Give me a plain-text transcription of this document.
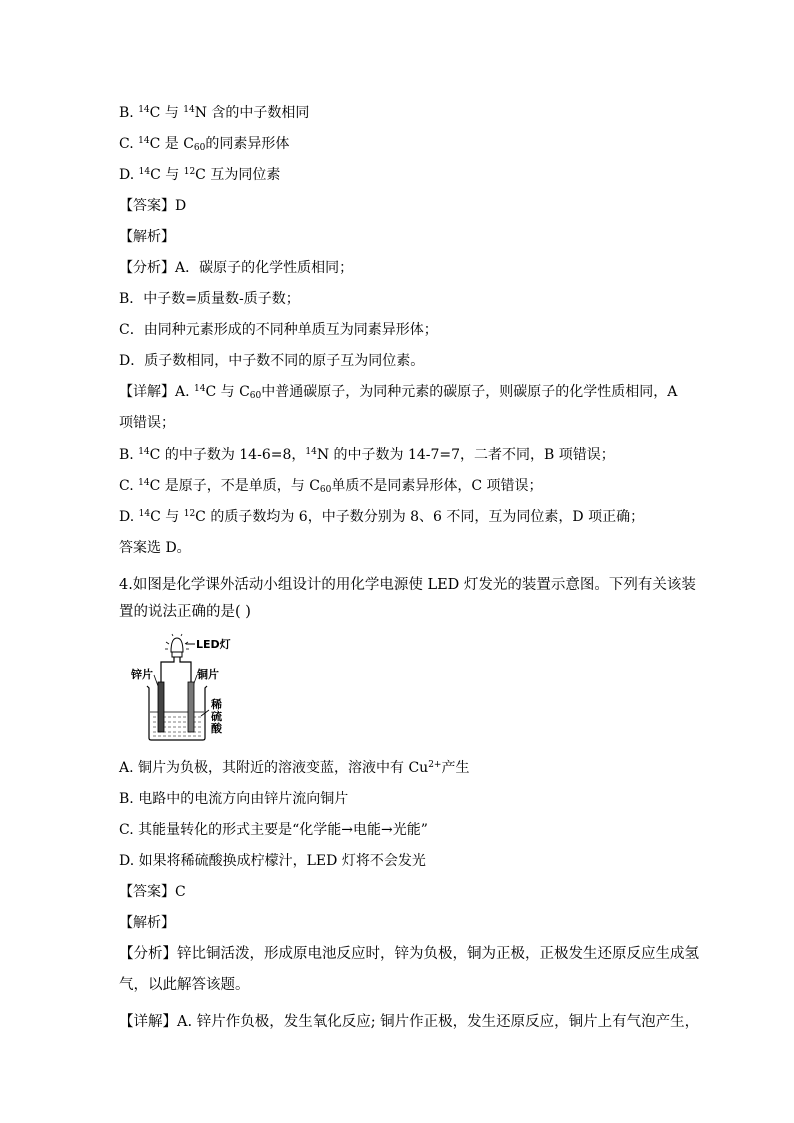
B. $^{14}$C 与 $^{14}$N 含的中子数相同
C. $^{14}$C 是 $C_{60}$的同素异形体
D. $^{14}$C 与 $^{12}$C 互为同位素
【答案】D
【解析】
【分析】A．碳原子的化学性质相同；
B．中子数=质量数-质子数；
C．由同种元素形成的不同种单质互为同素异形体；
D．质子数相同，中子数不同的原子互为同位素。
【详解】A. $^{14}$C 与 $C_{60}$中普通碳原子，为同种元素的碳原子，则碳原子的化学性质相同，A
项错误；
B. $^{14}$C 的中子数为 14-6=8，$^{14}$N 的中子数为 14-7=7，二者不同，B 项错误；
C. $^{14}$C 是原子，不是单质，与 $C_{60}$单质不是同素异形体，C 项错误；
D. $^{14}$C 与 $^{12}$C 的质子数均为 6，中子数分别为 8、6 不同，互为同位素，D 项正确；
答案选 D。
4.如图是化学课外活动小组设计的用化学电源使 LED 灯发光的装置示意图。下列有关该装
置的说法正确的是( )
LED灯
锌片	铜片
稀
硫
酸
A. 铜片为负极，其附近的溶液变蓝，溶液中有 $Cu^{2+}$产生
B. 电路中的电流方向由锌片流向铜片
C. 其能量转化的形式主要是“化学能→电能→光能”
D. 如果将稀硫酸换成柠檬汁，LED 灯将不会发光
【答案】C
【解析】
【分析】锌比铜活泼，形成原电池反应时，锌为负极，铜为正极，正极发生还原反应生成氢
气，以此解答该题。
【详解】A. 锌片作负极，发生氧化反应; 铜片作正极，发生还原反应，铜片上有气泡产生，
